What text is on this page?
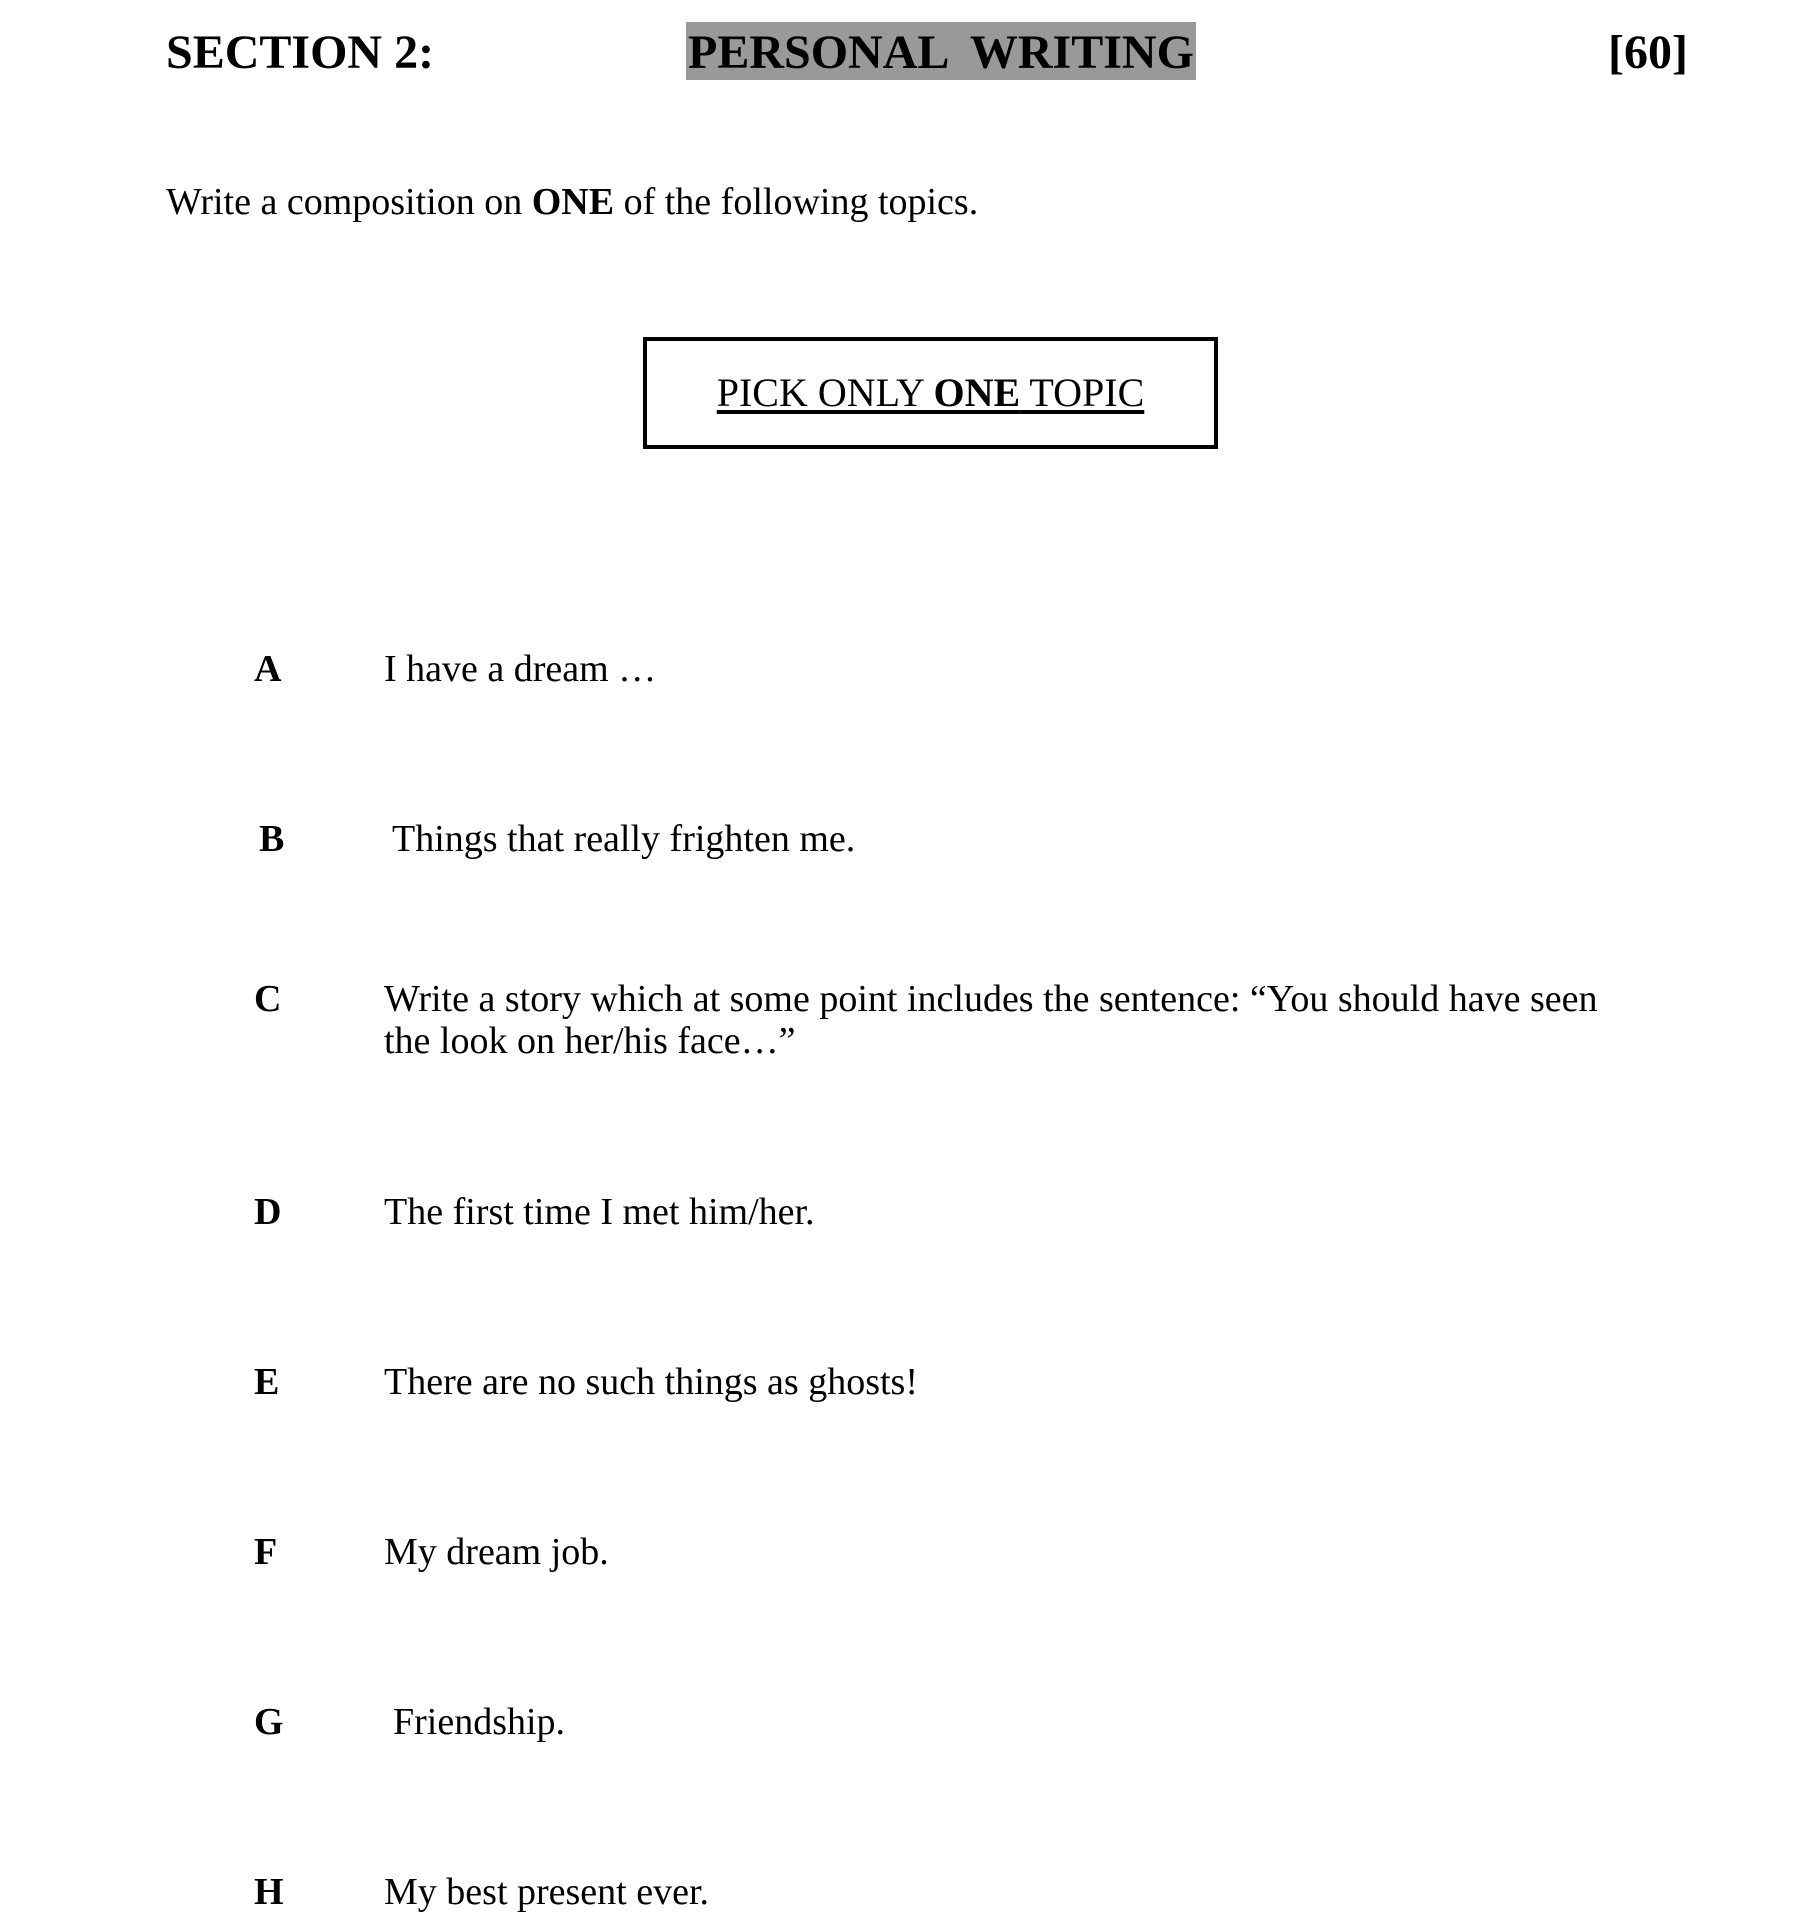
SECTION 2:	PERSONAL  WRITING	[60]
Write a composition on ONE of the following topics.
PICK ONLY ONE TOPIC
A	I have a dream …
B	Things that really frighten me.
C	Write a story which at some point includes the sentence: “You should have seen the look on her/his face…”
D	The first time I met him/her.
E	There are no such things as ghosts!
F	My dream job.
G	Friendship.
H	My best present ever.
